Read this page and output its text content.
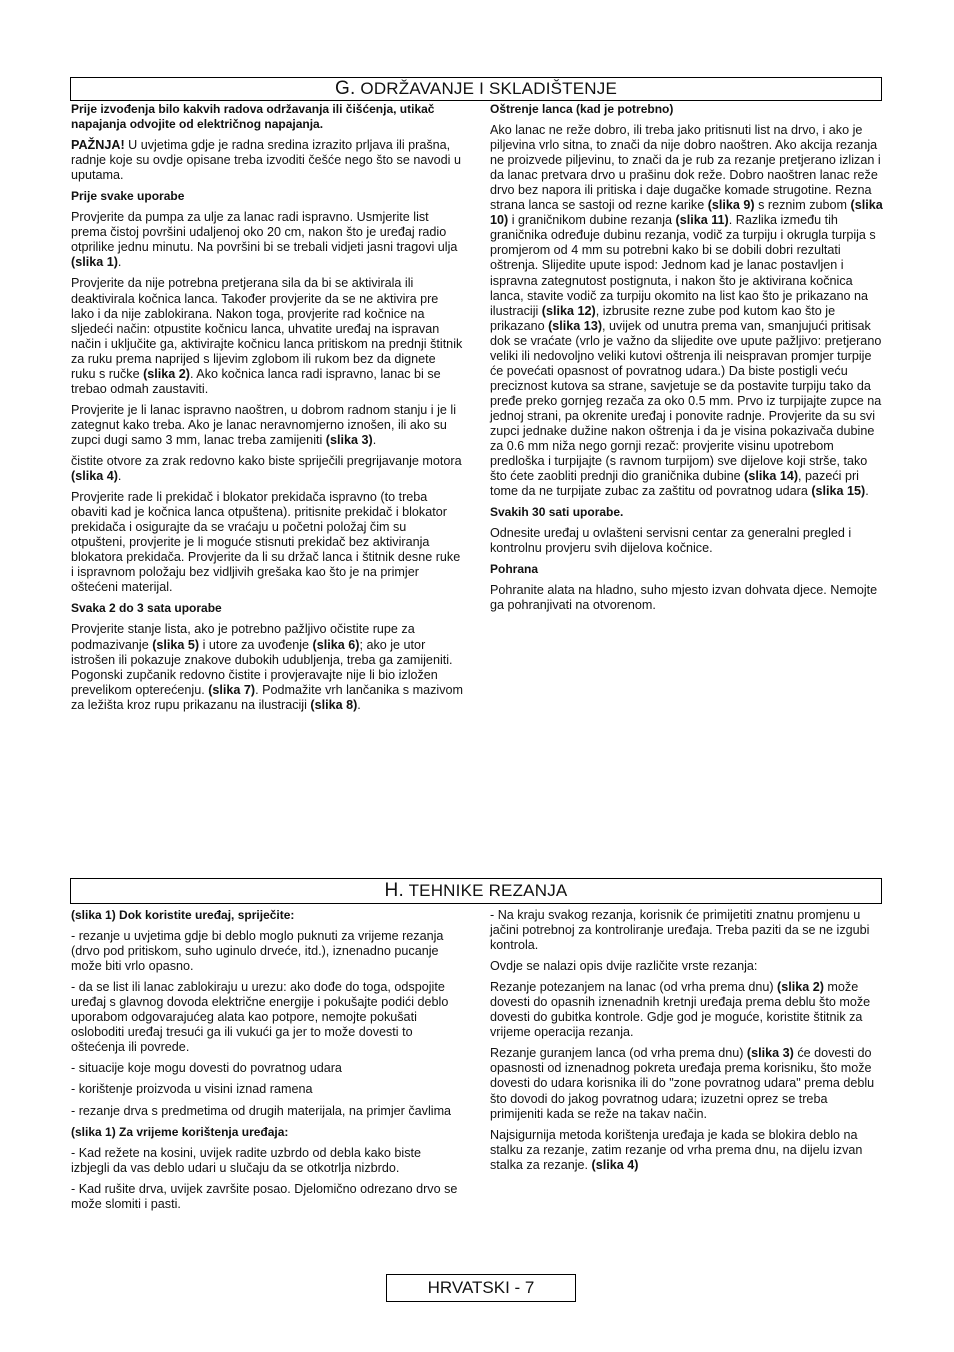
G. ODRŽAVANJE I SKLADIŠTENJE

Prije izvođenja bilo kakvih radova održavanja ili čišćenja, utikač napajanja odvojite od električnog napajanja.

PAŽNJA! U uvjetima gdje je radna sredina izrazito prljava ili prašna, radnje koje su ovdje opisane treba izvoditi češće nego što se navodi u uputama.

Prije svake uporabe

Provjerite da pumpa za ulje za lanac radi ispravno. Usmjerite list prema čistoj površini udaljenoj oko 20 cm, nakon što je uređaj radio otprilike jednu minutu. Na površini bi se trebali vidjeti jasni tragovi ulja (slika 1).

Provjerite da nije potrebna pretjerana sila da bi se aktivirala ili deaktivirala kočnica lanca. Također provjerite da se ne aktivira pre lako i da nije zablokirana. Nakon toga, provjerite rad kočnice na sljedeći način: otpustite kočnicu lanca, uhvatite uređaj na ispravan način i uključite ga, aktivirajte kočnicu lanca pritiskom na prednji štitnik za ruku prema naprijed s lijevim zglobom ili rukom bez da dignete ruku s ručke (slika 2). Ako kočnica lanca radi ispravno, lanac bi se trebao odmah zaustaviti.

Provjerite je li lanac ispravno naoštren, u dobrom radnom stanju i je li zategnut kako treba. Ako je lanac neravnomjerno iznošen, ili ako su zupci dugi samo 3 mm, lanac treba zamijeniti (slika 3).

čistite otvore za zrak redovno kako biste spriječili pregrijavanje motora (slika 4).

Provjerite rade li prekidač i blokator prekidača ispravno (to treba obaviti kad je kočnica lanca otpuštena). pritisnite prekidač i blokator prekidača i osigurajte da se vraćaju u početni položaj čim su otpušteni, provjerite je li moguće stisnuti prekidač bez aktiviranja blokatora prekidača. Provjerite da li su držač lanca i štitnik desne ruke i ispravnom položaju bez vidljivih grešaka kao što je na primjer oštećeni materijal.

Svaka 2 do 3 sata uporabe

Provjerite stanje lista, ako je potrebno pažljivo očistite rupe za podmazivanje (slika 5) i utore za uvođenje (slika 6); ako je utor istrošen ili pokazuje znakove dubokih udubljenja, treba ga zamijeniti. Pogonski zupčanik redovno čistite i provjeravajte nije li bio izložen prevelikom opterećenju. (slika 7). Podmažite vrh lančanika s mazivom za ležišta kroz rupu prikazanu na ilustraciji (slika 8).

Oštrenje lanca (kad je potrebno)

Ako lanac ne reže dobro, ili treba jako pritisnuti list na drvo, i ako je piljevina vrlo sitna, to znači da nije dobro naoštren. Ako akcija rezanja ne proizvede piljevinu, to znači da je rub za rezanje pretjerano izlizan i da lanac pretvara drvo u prašinu dok reže. Dobro naoštren lanac reže drvo bez napora ili pritiska i daje dugačke komade strugotine. Rezna strana lanca se sastoji od rezne karike (slika 9) s reznim zubom (slika 10) i graničnikom dubine rezanja (slika 11). Razlika između tih graničnika određuje dubinu rezanja, vodič za turpiju i okrugla turpija s promjerom od 4 mm su potrebni kako bi se dobili dobri rezultati oštrenja. Slijedite upute ispod: Jednom kad je lanac postavljen i ispravna zategnutost postignuta, i nakon što je aktivirana kočnica lanca, stavite vodič za turpiju okomito na list kao što je prikazano na ilustraciji (slika 12), izbrusite rezne zube pod kutom kao što je prikazano (slika 13), uvijek od unutra prema van, smanjujući pritisak dok se vraćate (vrlo je važno da slijedite ove upute pažljivo: pretjerano veliki ili nedovoljno veliki kutovi oštrenja ili neispravan promjer turpije će povećati opasnost of povratnog udara.) Da biste postigli veću preciznost kutova sa strane, savjetuje se da postavite turpiju tako da pređe preko gornjeg rezača za oko 0.5 mm. Prvo iz turpijajte zupce na jednoj strani, pa okrenite uređaj i ponovite radnje. Provjerite da su svi zupci jednake dužine nakon oštrenja i da je visina pokazivača dubine za 0.6 mm niža nego gornji rezač: provjerite visinu upotrebom predloška i turpijajte (s ravnom turpijom) sve dijelove koji strše, tako što ćete zaobliti prednji dio graničnika dubine (slika 14), pazeći pri tome da ne turpijate zubac za zaštitu od povratnog udara (slika 15).

Svakih 30 sati uporabe.

Odnesite uređaj u ovlašteni servisni centar za generalni pregled i kontrolnu provjeru svih dijelova kočnice.

Pohrana

Pohranite alata na hladno, suho mjesto izvan dohvata djece. Nemojte ga pohranjivati na otvorenom.

H. TEHNIKE REZANJA

(slika 1) Dok koristite uređaj, spriječite:

- rezanje u uvjetima gdje bi deblo moglo puknuti za vrijeme rezanja (drvo pod pritiskom, suho uginulo drveće, itd.), iznenadno pucanje može biti vrlo opasno.

- da se list ili lanac zablokiraju u urezu: ako dođe do toga, odspojite uređaj s glavnog dovoda električne energije i pokušajte podići deblo uporabom odgovarajućeg alata kao potpore, nemojte pokušati osloboditi uređaj tresući ga ili vukući ga jer to može dovesti to oštećenja ili povrede.

- situacije koje mogu dovesti do povratnog udara

- korištenje proizvoda u visini iznad ramena

- rezanje drva s predmetima od drugih materijala, na primjer čavlima

(slika 1) Za vrijeme korištenja uređaja:

- Kad režete na kosini, uvijek radite uzbrdo od debla kako biste izbjegli da vas deblo udari u slučaju da se otkotrlja nizbrdo.

- Kad rušite drva, uvijek završite posao. Djelomično odrezano drvo se može slomiti i pasti.

- Na kraju svakog rezanja, korisnik će primijetiti znatnu promjenu u jačini potrebnoj za kontroliranje uređaja. Treba paziti da se ne izgubi kontrola.

Ovdje se nalazi opis dvije različite vrste rezanja:

Rezanje potezanjem na lanac (od vrha prema dnu) (slika 2) može dovesti do opasnih iznenadnih kretnji uređaja prema deblu što može dovesti do gubitka kontrole. Gdje god je moguće, koristite štitnik za vrijeme operacija rezanja.

Rezanje guranjem lanca (od vrha prema dnu) (slika 3) će dovesti do opasnosti od iznenadnog pokreta uređaja prema korisniku, što može dovesti do udara korisnika ili do "zone povratnog udara" prema deblu što dovodi do jakog povratnog udara; izuzetni oprez se treba primijeniti kada se reže na takav način.

Najsigurnija metoda korištenja uređaja je kada se blokira deblo na stalku za rezanje, zatim rezanje od vrha prema dnu, na dijelu izvan stalka za rezanje. (slika 4)

HRVATSKI - 7
